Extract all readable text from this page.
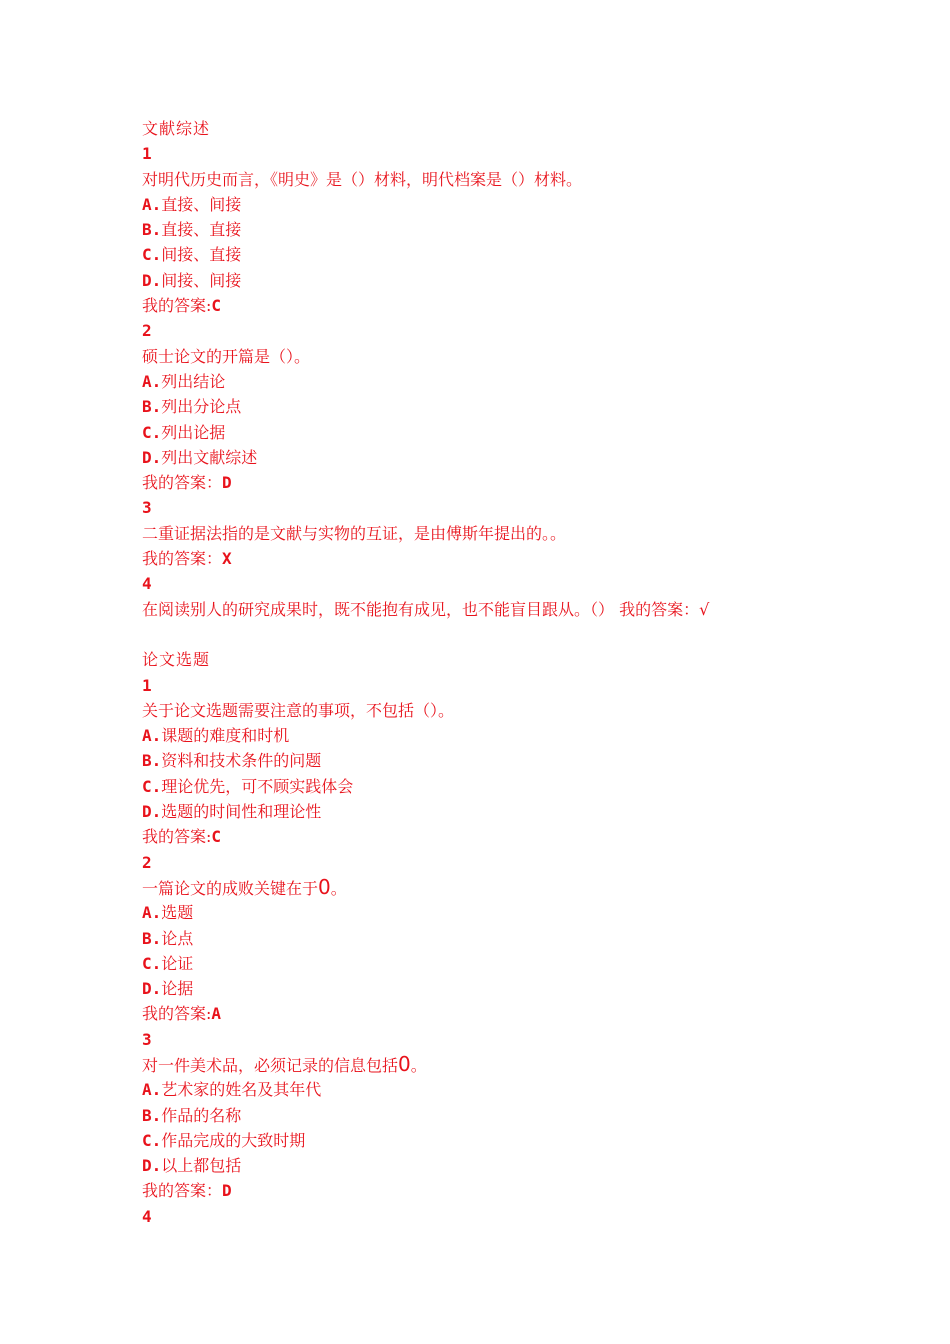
文献综述
1
对明代历史而言，《明史》是（）材料，明代档案是（）材料。
A.直接、间接
B.直接、直接
C.间接、直接
D.间接、间接
我的答案:C
2
硕士论文的开篇是（）。
A.列出结论
B.列出分论点
C.列出论据
D.列出文献综述
我的答案：D
3
二重证据法指的是文献与实物的互证，是由傅斯年提出的。。
我的答案：X
4
在阅读别人的研究成果时，既不能抱有成见，也不能盲目跟从。（） 我的答案：√
论文选题
1
关于论文选题需要注意的事项，不包括（）。
A.课题的难度和时机
B.资料和技术条件的问题
C.理论优先，可不顾实践体会
D.选题的时间性和理论性
我的答案:C
2
一篇论文的成败关键在于0。
A.选题
B.论点
C.论证
D.论据
我的答案:A
3
对一件美术品，必须记录的信息包括0。
A.艺术家的姓名及其年代
B.作品的名称
C.作品完成的大致时期
D.以上都包括
我的答案：D
4
